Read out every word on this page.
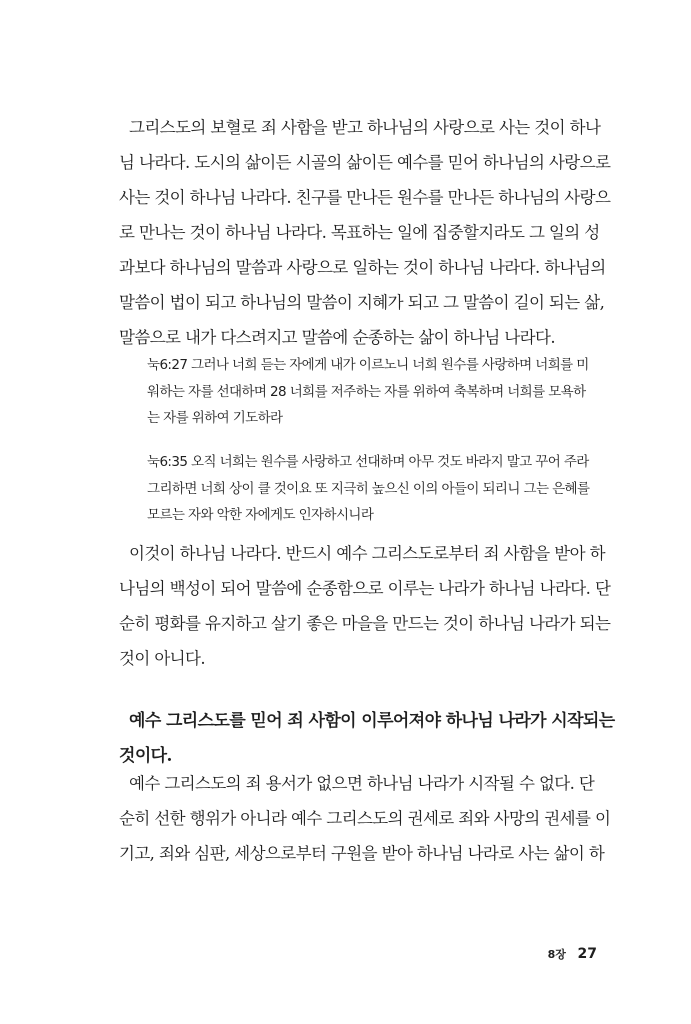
그리스도의 보혈로 죄 사함을 받고 하나님의 사랑으로 사는 것이 하나
님 나라다. 도시의 삶이든 시골의 삶이든 예수를 믿어 하나님의 사랑으로
사는 것이 하나님 나라다. 친구를 만나든 원수를 만나든 하나님의 사랑으
로 만나는 것이 하나님 나라다. 목표하는 일에 집중할지라도 그 일의 성
과보다 하나님의 말씀과 사랑으로 일하는 것이 하나님 나라다. 하나님의
말씀이 법이 되고 하나님의 말씀이 지혜가 되고 그 말씀이 길이 되는 삶,
말씀으로 내가 다스려지고 말씀에 순종하는 삶이 하나님 나라다.
눅6:27 그러나 너희 듣는 자에게 내가 이르노니 너희 원수를 사랑하며 너희를 미
워하는 자를 선대하며 28 너희를 저주하는 자를 위하여 축복하며 너희를 모욕하
는 자를 위하여 기도하라
눅6:35 오직 너희는 원수를 사랑하고 선대하며 아무 것도 바라지 말고 꾸어 주라
그리하면 너희 상이 클 것이요 또 지극히 높으신 이의 아들이 되리니 그는 은혜를
모르는 자와 악한 자에게도 인자하시니라
이것이 하나님 나라다. 반드시 예수 그리스도로부터 죄 사함을 받아 하
나님의 백성이 되어 말씀에 순종함으로 이루는 나라가 하나님 나라다. 단
순히 평화를 유지하고 살기 좋은 마을을 만드는 것이 하나님 나라가 되는
것이 아니다.
예수 그리스도를 믿어 죄 사함이 이루어져야 하나님 나라가 시작되는
것이다.
예수 그리스도의 죄 용서가 없으면 하나님 나라가 시작될 수 없다. 단
순히 선한 행위가 아니라 예수 그리스도의 권세로 죄와 사망의 권세를 이
기고, 죄와 심판, 세상으로부터 구원을 받아 하나님 나라로 사는 삶이 하
8장 27
